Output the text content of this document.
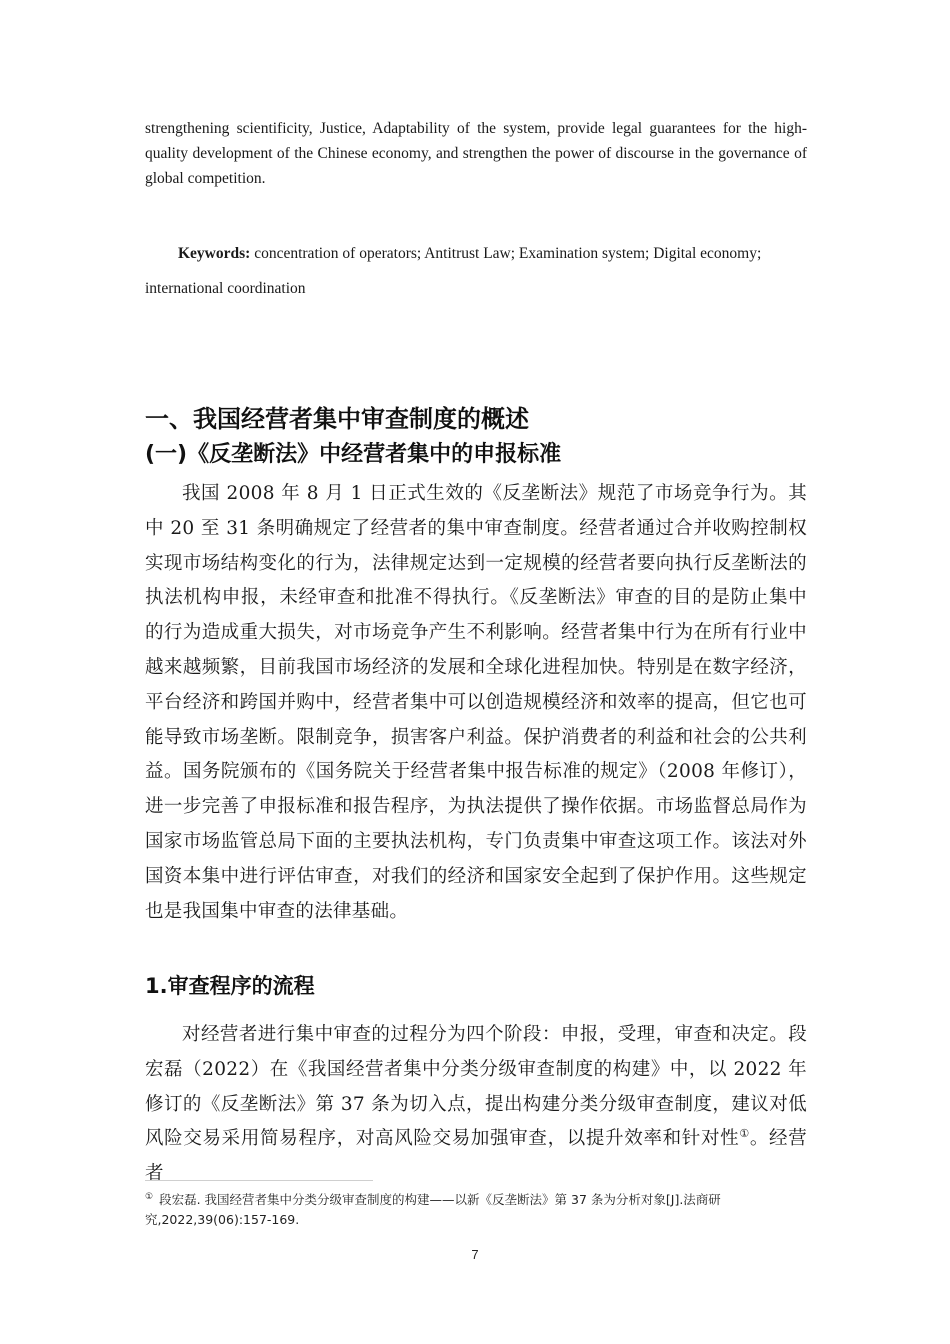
strengthening scientificity, Justice, Adaptability of the system, provide legal guarantees for the high-quality development of the Chinese economy, and strengthen the power of discourse in the governance of global competition.

Keywords: concentration of operators; Antitrust Law; Examination system; Digital economy; international coordination

一、我国经营者集中审查制度的概述
(一)《反垄断法》中经营者集中的申报标准

我国 2008 年 8 月 1 日正式生效的《反垄断法》规范了市场竞争行为。其中 20 至 31 条明确规定了经营者的集中审查制度。经营者通过合并收购控制权实现市场结构变化的行为，法律规定达到一定规模的经营者要向执行反垄断法的执法机构申报，未经审查和批准不得执行。《反垄断法》审查的目的是防止集中的行为造成重大损失，对市场竞争产生不利影响。经营者集中行为在所有行业中越来越频繁，目前我国市场经济的发展和全球化进程加快。特别是在数字经济，平台经济和跨国并购中，经营者集中可以创造规模经济和效率的提高，但它也可能导致市场垄断。限制竞争，损害客户利益。保护消费者的利益和社会的公共利益。国务院颁布的《国务院关于经营者集中报告标准的规定》（2008 年修订），进一步完善了申报标准和报告程序，为执法提供了操作依据。市场监督总局作为国家市场监管总局下面的主要执法机构，专门负责集中审查这项工作。该法对外国资本集中进行评估审查，对我们的经济和国家安全起到了保护作用。这些规定也是我国集中审查的法律基础。

1.审查程序的流程

对经营者进行集中审查的过程分为四个阶段：申报，受理，审查和决定。段宏磊（2022）在《我国经营者集中分类分级审查制度的构建》中，以 2022 年修订的《反垄断法》第 37 条为切入点，提出构建分类分级审查制度，建议对低风险交易采用简易程序，对高风险交易加强审查，以提升效率和针对性①。经营者

① 段宏磊. 我国经营者集中分类分级审查制度的构建——以新《反垄断法》第 37 条为分析对象[J].法商研究,2022,39(06):157-169.

7
